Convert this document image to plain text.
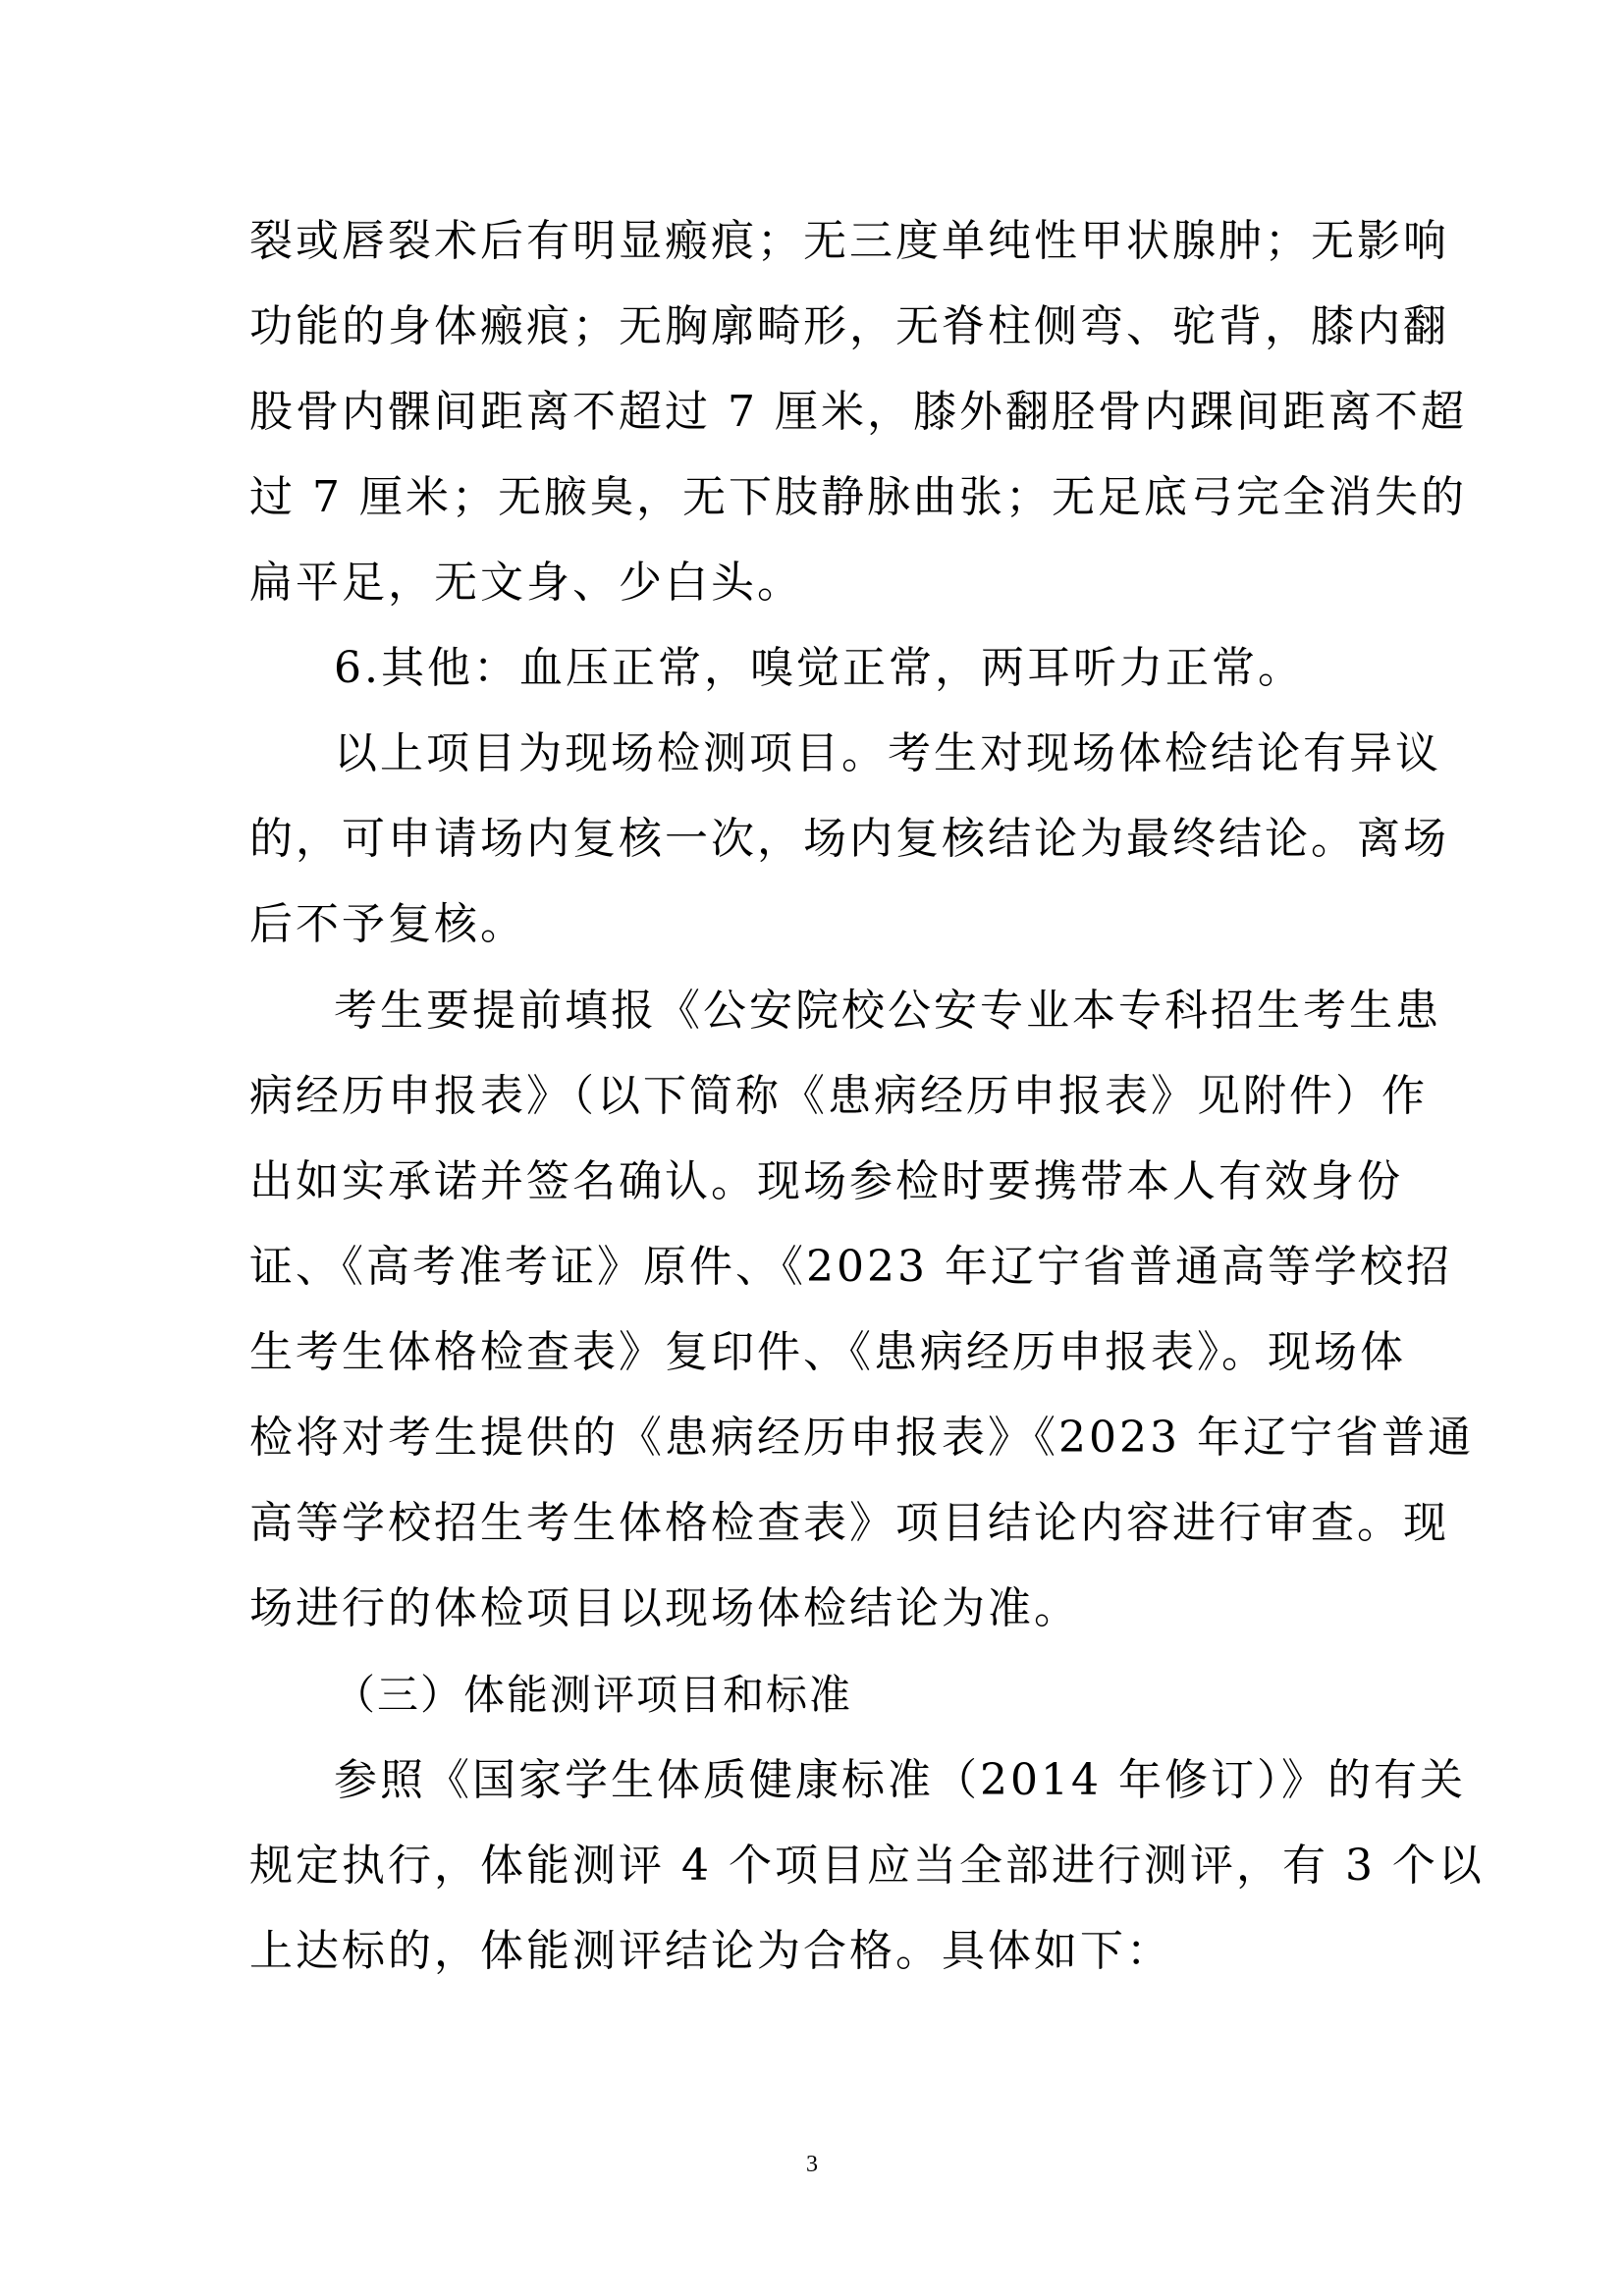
裂或唇裂术后有明显瘢痕；无三度单纯性甲状腺肿；无影响
功能的身体瘢痕；无胸廓畸形，无脊柱侧弯、驼背，膝内翻
股骨内髁间距离不超过 7 厘米，膝外翻胫骨内踝间距离不超
过 7 厘米；无腋臭，无下肢静脉曲张；无足底弓完全消失的
扁平足，无文身、少白头。
6.其他：血压正常，嗅觉正常，两耳听力正常。
以上项目为现场检测项目。考生对现场体检结论有异议
的，可申请场内复核一次，场内复核结论为最终结论。离场
后不予复核。
考生要提前填报《公安院校公安专业本专科招生考生患
病经历申报表》（以下简称《患病经历申报表》见附件）作
出如实承诺并签名确认。现场参检时要携带本人有效身份
证、《高考准考证》原件、《2023 年辽宁省普通高等学校招
生考生体格检查表》复印件、《患病经历申报表》。现场体
检将对考生提供的《患病经历申报表》《2023 年辽宁省普通
高等学校招生考生体格检查表》项目结论内容进行审查。现
场进行的体检项目以现场体检结论为准。
（三）体能测评项目和标准
参照《国家学生体质健康标准（2014 年修订）》的有关
规定执行，体能测评 4 个项目应当全部进行测评，有 3 个以
上达标的，体能测评结论为合格。具体如下：
3
